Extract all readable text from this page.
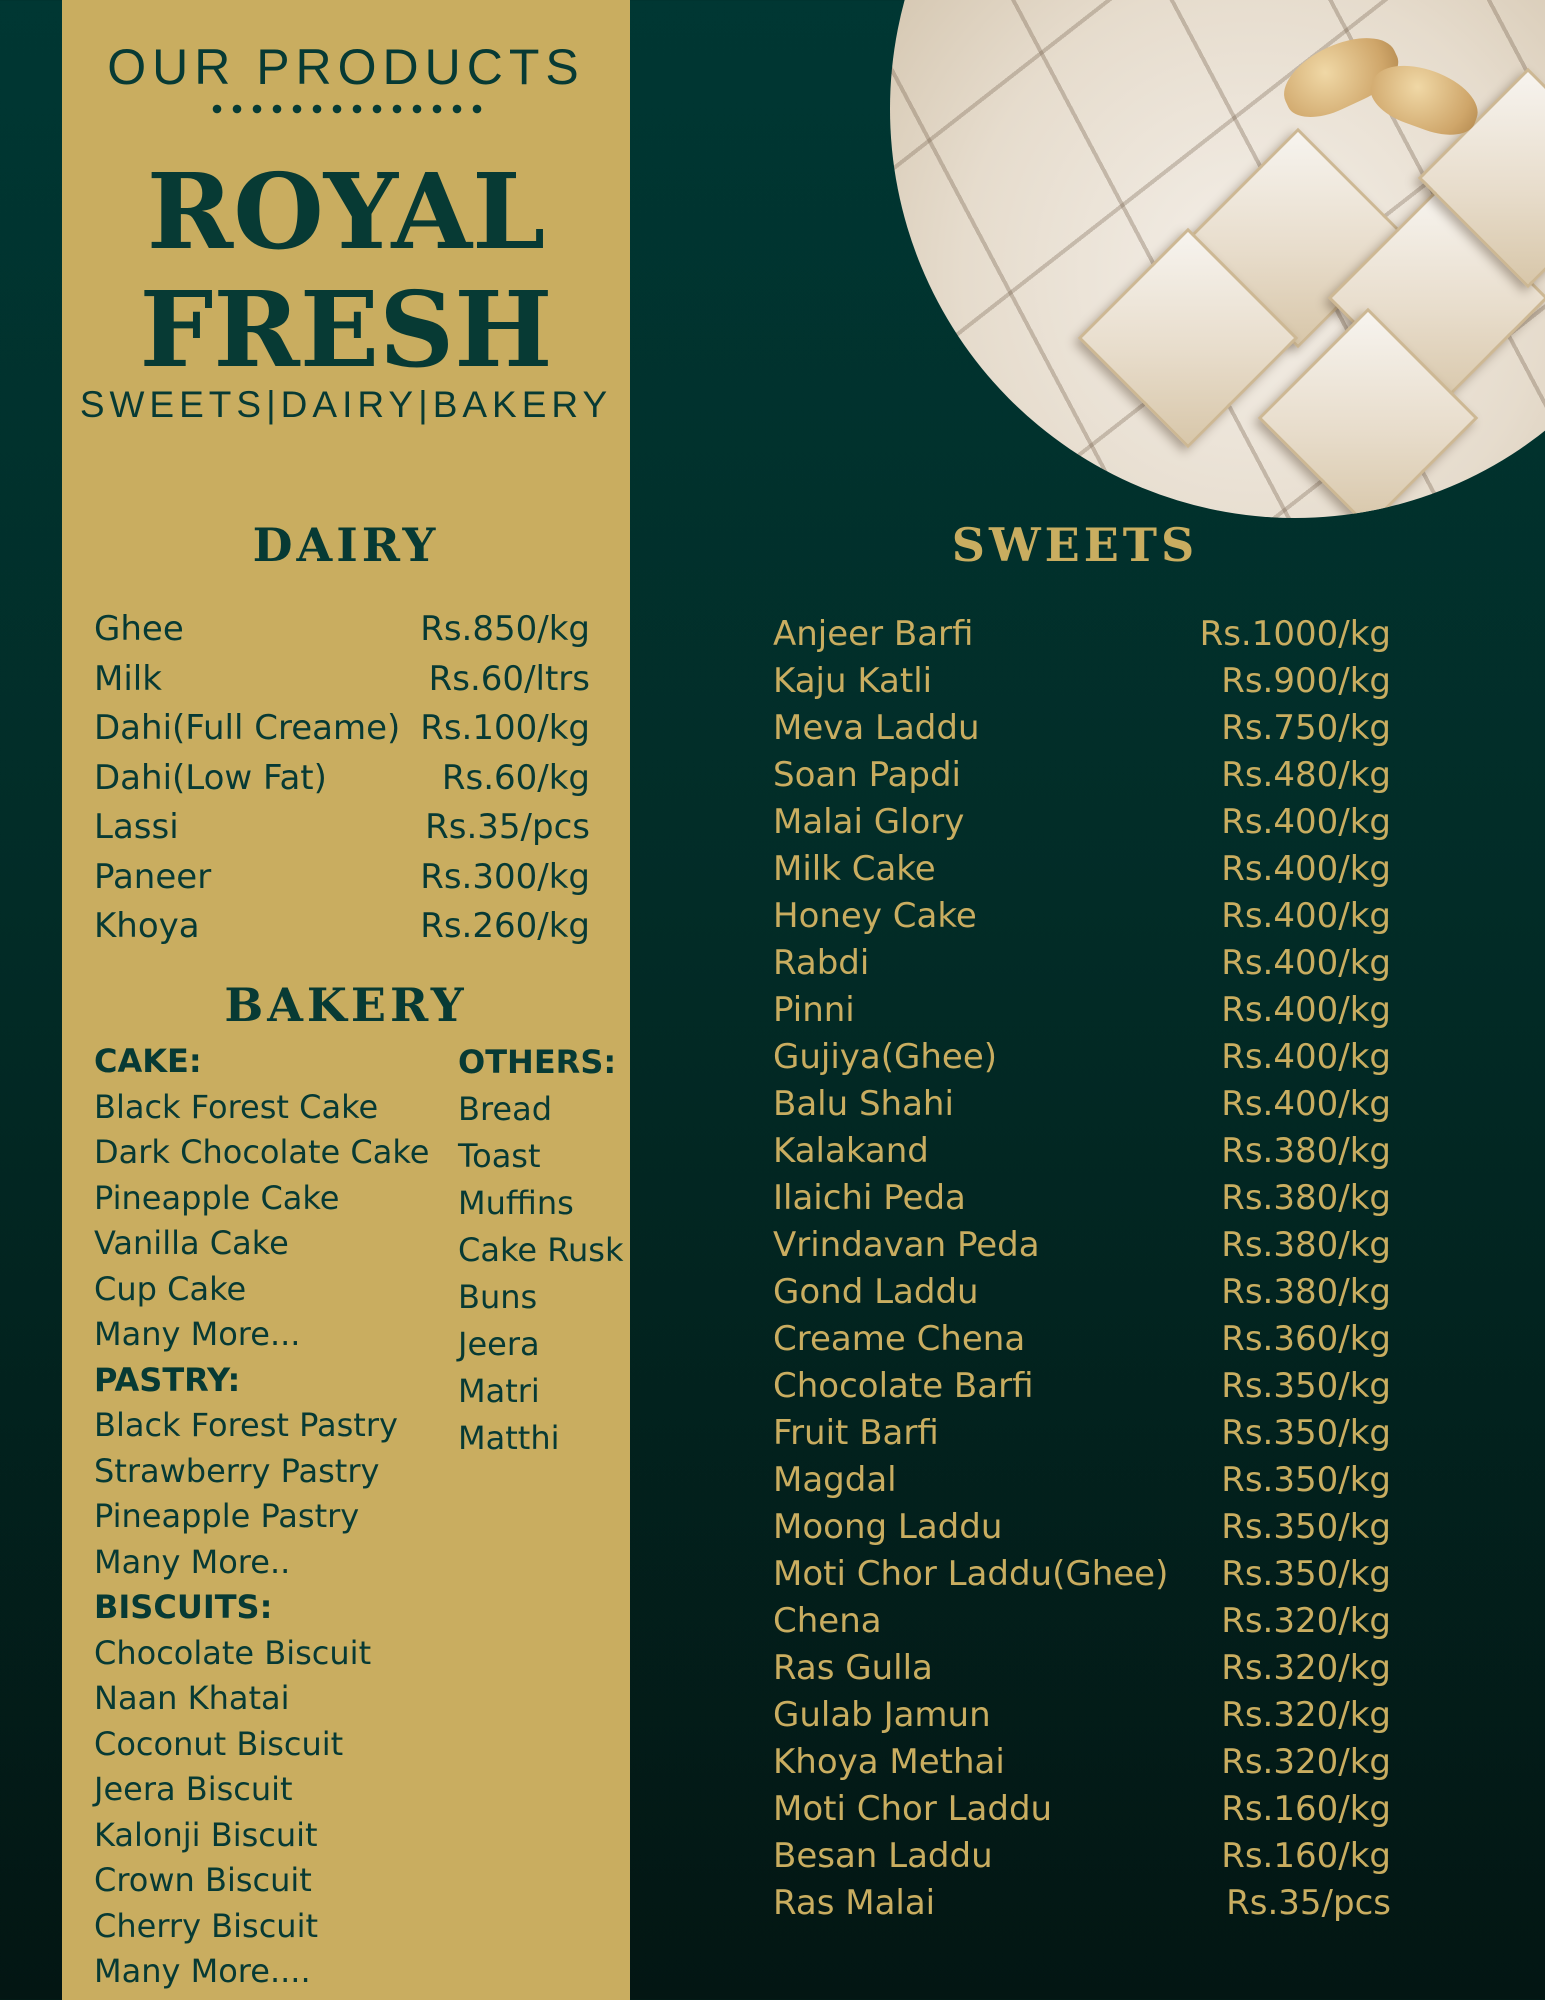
OUR PRODUCTS
ROYAL
FRESH
SWEETS|DAIRY|BAKERY
DAIRY
Ghee	Rs.850/kg
Milk	Rs.60/ltrs
Dahi(Full Creame) Rs.100/kg
Dahi(Low Fat)	Rs.60/kg
Lassi	Rs.35/pcs
Paneer	Rs.300/kg
Khoya	Rs.260/kg
BAKERY
CAKE:
Black Forest Cake
Dark Chocolate Cake
Pineapple Cake
Vanilla Cake
Cup Cake
Many More...
PASTRY:
Black Forest Pastry
Strawberry Pastry
Pineapple Pastry
Many More..
BISCUITS:
Chocolate Biscuit
Naan Khatai
Coconut Biscuit
Jeera Biscuit
Kalonji Biscuit
Crown Biscuit
Cherry Biscuit
Many More....
OTHERS:
Bread
Toast
Muffins
Cake Rusk
Buns
Jeera
Matri
Matthi
SWEETS
Anjeer Barfi	Rs.1000/kg
Kaju Katli	Rs.900/kg
Meva Laddu	Rs.750/kg
Soan Papdi	Rs.480/kg
Malai Glory	Rs.400/kg
Milk Cake	Rs.400/kg
Honey Cake	Rs.400/kg
Rabdi	Rs.400/kg
Pinni	Rs.400/kg
Gujiya(Ghee)	Rs.400/kg
Balu Shahi	Rs.400/kg
Kalakand	Rs.380/kg
Ilaichi Peda	Rs.380/kg
Vrindavan Peda	Rs.380/kg
Gond Laddu	Rs.380/kg
Creame Chena	Rs.360/kg
Chocolate Barfi	Rs.350/kg
Fruit Barfi	Rs.350/kg
Magdal	Rs.350/kg
Moong Laddu	Rs.350/kg
Moti Chor Laddu(Ghee) Rs.350/kg
Chena	Rs.320/kg
Ras Gulla	Rs.320/kg
Gulab Jamun	Rs.320/kg
Khoya Methai	Rs.320/kg
Moti Chor Laddu	Rs.160/kg
Besan Laddu	Rs.160/kg
Ras Malai	Rs.35/pcs
